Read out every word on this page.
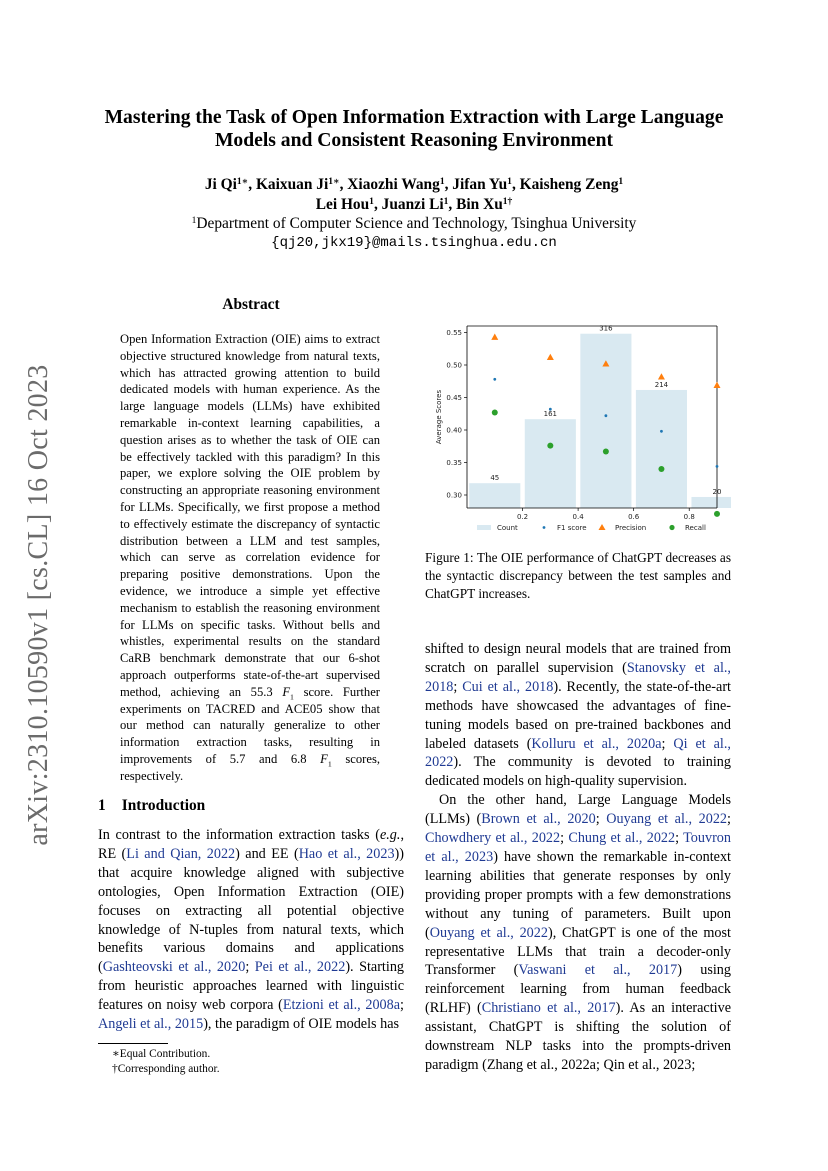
arXiv:2310.10590v1 [cs.CL] 16 Oct 2023
Mastering the Task of Open Information Extraction with Large Language Models and Consistent Reasoning Environment
Ji $Qi^{1∗}$, Kaixuan $Ji^{1∗}$, Xiaozhi Wang$^1$, Jifan Yu$^1$, Kaisheng Zeng$^1$
Lei Hou$^1$, Juanzi Li$^1$, Bin $Xu^{1\dagger}$
$^1$Department of Computer Science and Technology, Tsinghua University
{qj20,jkx19}@mails.tsinghua.edu.cn
Abstract
Open Information Extraction (OIE) aims to extract objective structured knowledge from natural texts, which has attracted growing attention to build dedicated models with human experience. As the large language models (LLMs) have exhibited remarkable in-context learning capabilities, a question arises as to whether the task of OIE can be effectively tackled with this paradigm? In this paper, we explore solving the OIE problem by constructing an appropriate reasoning environment for LLMs. Specifically, we first propose a method to effectively estimate the discrepancy of syntactic distribution between a LLM and test samples, which can serve as correlation evidence for preparing positive demonstrations. Upon the evidence, we introduce a simple yet effective mechanism to establish the reasoning environment for LLMs on specific tasks. Without bells and whistles, experimental results on the standard CaRB benchmark demonstrate that our 6-shot approach outperforms state-of-the-art supervised method, achieving an 55.3 $F_1$ score. Further experiments on TACRED and ACE05 show that our method can naturally generalize to other information extraction tasks, resulting in improvements of 5.7 and 6.8 $F_1$ scores, respectively.
45
161
316
214
20
0.30
0.35
0.40
0.45
0.50
0.55
0.2	0.4	0.6	0.8
Average Scores
Count	F1 score	Precision	Recall
Figure 1: The OIE performance of ChatGPT decreases as the syntactic discrepancy between the test samples and ChatGPT increases.
1 Introduction

In contrast to the information extraction tasks (e.g., RE (Li and Qian, 2022) and EE (Hao et al., 2023)) that acquire knowledge aligned with subjective ontologies, Open Information Extraction (OIE) focuses on extracting all potential objective knowledge of N-tuples from natural texts, which benefits various domains and applications (Gashteovski et al., 2020; Pei et al., 2022). Starting from heuristic approaches learned with linguistic features on noisy web corpora (Etzioni et al., 2008a; Angeli et al., 2015), the paradigm of OIE models has

shifted to design neural models that are trained from scratch on parallel supervision (Stanovsky et al., 2018; Cui et al., 2018). Recently, the state-of-the-art methods have showcased the advantages of fine-tuning models based on pre-trained backbones and labeled datasets (Kolluru et al., 2020a; Qi et al., 2022). The community is devoted to training dedicated models on high-quality supervision.

On the other hand, Large Language Models (LLMs) (Brown et al., 2020; Ouyang et al., 2022; Chowdhery et al., 2022; Chung et al., 2022; Touvron et al., 2023) have shown the remarkable in-context learning abilities that generate responses by only providing proper prompts with a few demonstrations without any tuning of parameters. Built upon (Ouyang et al., 2022), ChatGPT is one of the most representative LLMs that train a decoder-only Transformer (Vaswani et al., 2017) using reinforcement learning from human feedback (RLHF) (Christiano et al., 2017). As an interactive assistant, ChatGPT is shifting the solution of downstream NLP tasks into the prompts-driven paradigm (Zhang et al., 2022a; Qin et al., 2023;

∗Equal Contribution.
†Corresponding author.
